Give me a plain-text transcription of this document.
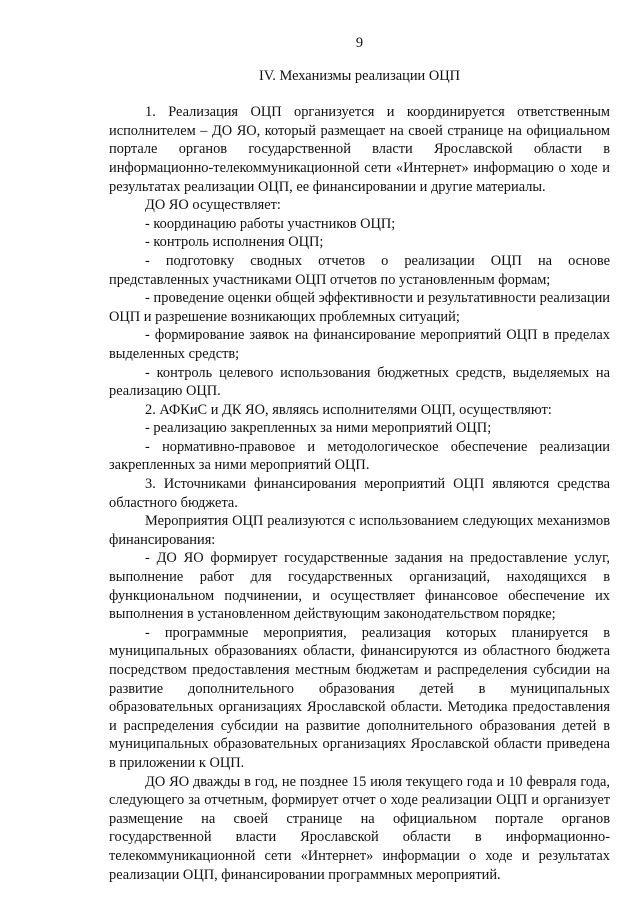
9
IV. Механизмы реализации ОЦП

1. Реализация ОЦП организуется и координируется ответственным исполнителем – ДО ЯО, который размещает на своей странице на официальном портале органов государственной власти Ярославской области в информационно-телекоммуникационной сети «Интернет» информацию о ходе и результатах реализации ОЦП, ее финансировании и другие материалы.

ДО ЯО осуществляет:

- координацию работы участников ОЦП;

- контроль исполнения ОЦП;

- подготовку сводных отчетов о реализации ОЦП на основе представленных участниками ОЦП отчетов по установленным формам;

- проведение оценки общей эффективности и результативности реализации ОЦП и разрешение возникающих проблемных ситуаций;

- формирование заявок на финансирование мероприятий ОЦП в пределах выделенных средств;

- контроль целевого использования бюджетных средств, выделяемых на реализацию ОЦП.

2. АФКиС и ДК ЯО, являясь исполнителями ОЦП, осуществляют:

- реализацию закрепленных за ними мероприятий ОЦП;

- нормативно-правовое и методологическое обеспечение реализации закрепленных за ними мероприятий ОЦП.

3. Источниками финансирования мероприятий ОЦП являются средства областного бюджета.

Мероприятия ОЦП реализуются с использованием следующих механизмов финансирования:

- ДО ЯО формирует государственные задания на предоставление услуг, выполнение работ для государственных организаций, находящихся в функциональном подчинении, и осуществляет финансовое обеспечение их выполнения в установленном действующим законодательством порядке;

- программные мероприятия, реализация которых планируется в муниципальных образованиях области, финансируются из областного бюджета посредством предоставления местным бюджетам и распределения субсидии на развитие дополнительного образования детей в муниципальных образовательных организациях Ярославской области. Методика предоставления и распределения субсидии на развитие дополнительного образования детей в муниципальных образовательных организациях Ярославской области приведена в приложении к ОЦП.

ДО ЯО дважды в год, не позднее 15 июля текущего года и 10 февраля года, следующего за отчетным, формирует отчет о ходе реализации ОЦП и организует размещение на своей странице на официальном портале органов государственной власти Ярославской области в информационно-телекоммуникационной сети «Интернет» информации о ходе и результатах реализации ОЦП, финансировании программных мероприятий.
